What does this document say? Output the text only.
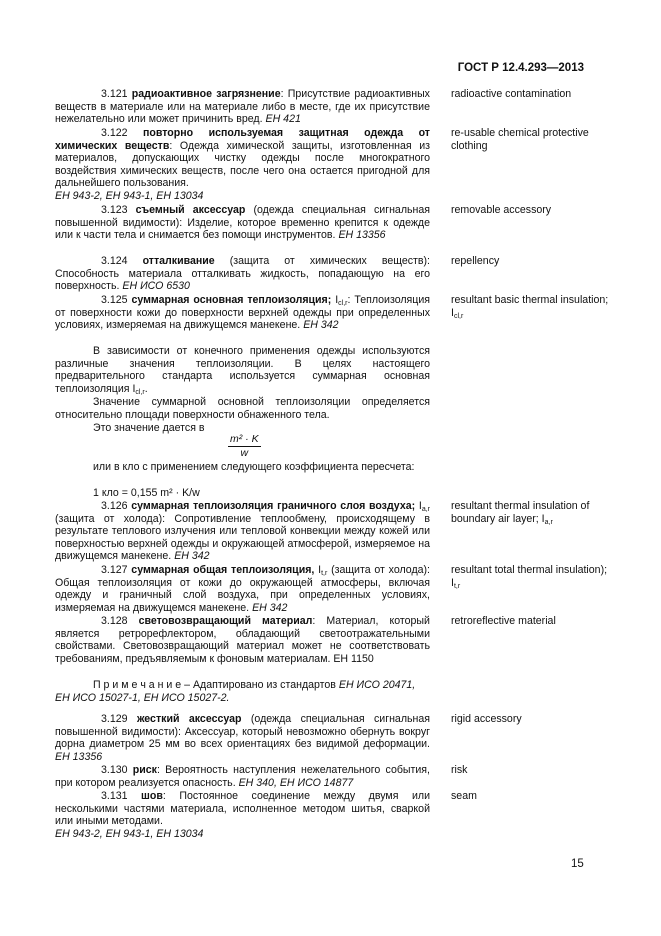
ГОСТ Р 12.4.293—2013
3.121 радиоактивное загрязнение: Присутствие радиоактивных веществ в материале или на материале либо в месте, где их присутствие нежелательно или может причинить вред. ЕН 421
radioactive contamination
3.122 повторно используемая защитная одежда от химических веществ: Одежда химической защиты, изготовленная из материалов, допускающих чистку одежды после многократного воздействия химических веществ, после чего она остается пригодной для дальнейшего пользования.
ЕН 943-2, ЕН 943-1, ЕН 13034
re-usable chemical protective clothing
3.123 съемный аксессуар (одежда специальная сигнальная повышенной видимости): Изделие, которое временно крепится к одежде или к части тела и снимается без помощи инструментов. ЕН 13356
removable accessory
3.124 отталкивание (защита от химических веществ): Способность материала отталкивать жидкость, попадающую на его поверхность. ЕН ИСО 6530
repellency
3.125 суммарная основная теплоизоляция; $I_{cl,r}$: Теплоизоляция от поверхности кожи до поверхности верхней одежды при определенных условиях, измеряемая на движущемся манекене. ЕН 342
resultant basic thermal insulation; $I_{cl,r}$
В зависимости от конечного применения одежды используются различные значения теплоизоляции. В целях настоящего предварительного стандарта используется суммарная основная теплоизоляция $I_{cl,r}$.
Значение суммарной основной теплоизоляции определяется относительно площади поверхности обнаженного тела.
Это значение дается в
$\frac{\text{m² · K}}{w}$
или в кло с применением следующего коэффициента пересчета:
1 кло = 0,155 m² · K/w
3.126 суммарная теплоизоляция граничного слоя воздуха; $I_{a,r}$ (защита от холода): Сопротивление теплообмену, происходящему в результате теплового излучения или тепловой конвекции между кожей или поверхностью верхней одежды и окружающей атмосферой, измеряемое на движущемся манекене. ЕН 342
resultant thermal insulation of boundary air layer; $I_{a,r}$
3.127 суммарная общая теплоизоляция, $I_{t,r}$ (защита от холода): Общая теплоизоляция от кожи до окружающей атмосферы, включая одежду и граничный слой воздуха, при определенных условиях, измеряемая на движущемся манекене. ЕН 342
resultant total thermal insulation); $I_{t,r}$
3.128 световозвращающий материал: Материал, который является ретрорефлектором, обладающий светоотражательными свойствами. Световозвращающий материал может не соответствовать требованиям, предъявляемым к фоновым материалам. ЕН 1150
retroreflective material
П р и м е ч а н и е – Адаптировано из стандартов ЕН ИСО 20471, ЕН ИСО 15027-1, ЕН ИСО 15027-2.
3.129 жесткий аксессуар (одежда специальная сигнальная повышенной видимости): Аксессуар, который невозможно обернуть вокруг дорна диаметром 25 мм во всех ориентациях без видимой деформации. ЕН 13356
rigid accessory
3.130 риск: Вероятность наступления нежелательного события, при котором реализуется опасность. ЕН 340, ЕН ИСО 14877
risk
3.131 шов: Постоянное соединение между двумя или несколькими частями материала, исполненное методом шитья, сваркой или иными методами.
ЕН 943-2, ЕН 943-1, ЕН 13034
seam
15
